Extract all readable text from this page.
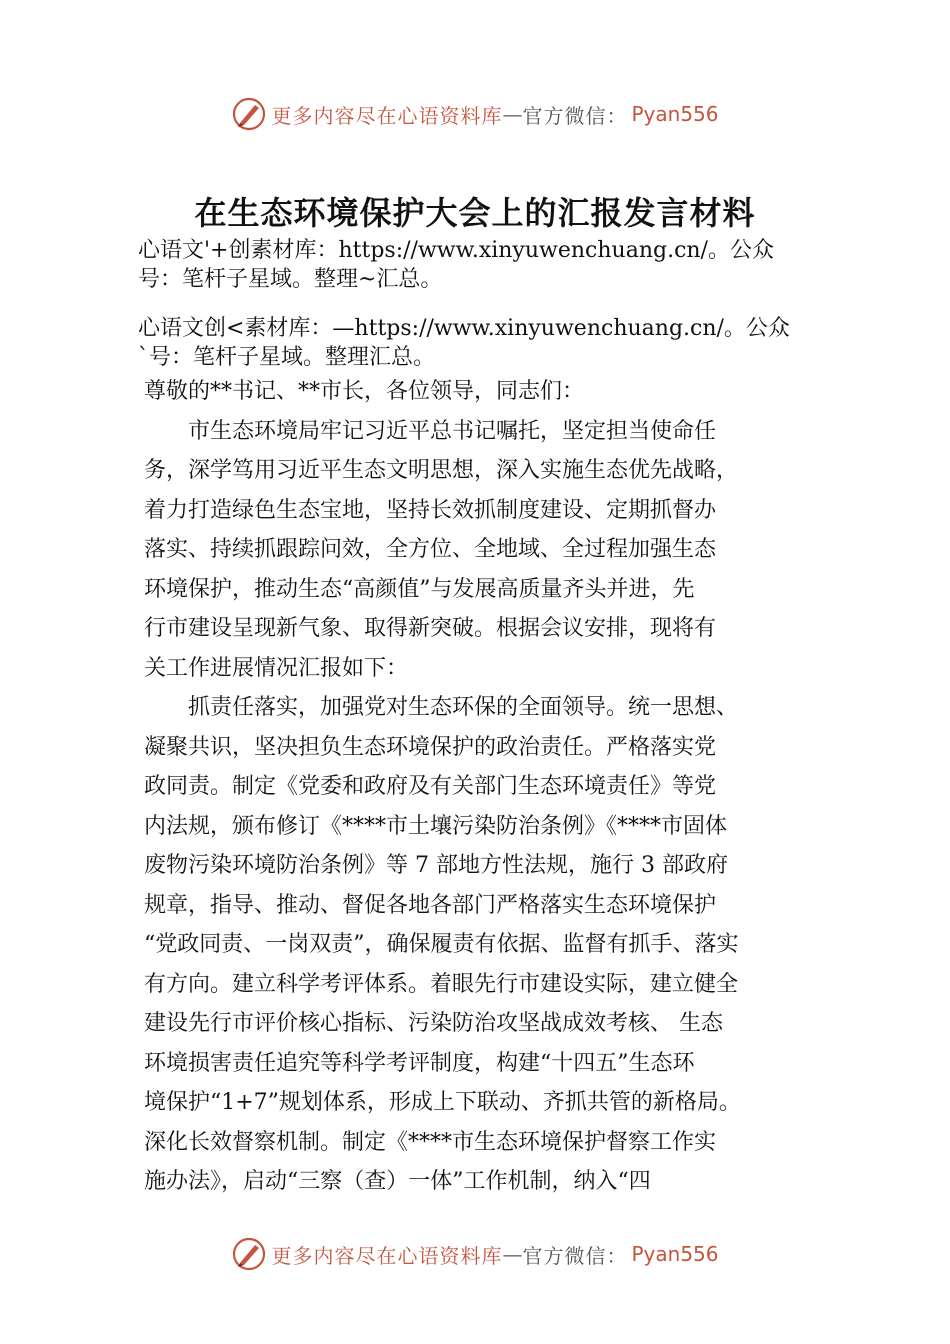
更多内容尽在心语资料库 — 官方微信： Pyan556
在生态环境保护大会上的汇报发言材料
心语文'+创素材库：https://www.xinyuwenchuang.cn/。公众
号：笔杆子星域。整理~汇总。
心语文创<素材库：—https://www.xinyuwenchuang.cn/。公众
`号：笔杆子星域。整理汇总。

尊敬的**书记、**市长，各位领导，同志们：

　　市生态环境局牢记习近平总书记嘱托，坚定担当使命任
务，深学笃用习近平生态文明思想，深入实施生态优先战略，
着力打造绿色生态宝地，坚持长效抓制度建设、定期抓督办
落实、持续抓跟踪问效，全方位、全地域、全过程加强生态
环境保护，推动生态“高颜值”与发展高质量齐头并进，先
行市建设呈现新气象、取得新突破。根据会议安排，现将有
关工作进展情况汇报如下：

　　抓责任落实，加强党对生态环保的全面领导。统一思想、
凝聚共识，坚决担负生态环境保护的政治责任。严格落实党
政同责。制定《党委和政府及有关部门生态环境责任》等党
内法规，颁布修订《****市土壤污染防治条例》《****市固体
废物污染环境防治条例》等 7 部地方性法规，施行 3 部政府
规章，指导、推动、督促各地各部门严格落实生态环境保护
“党政同责、一岗双责”，确保履责有依据、监督有抓手、落实
有方向。建立科学考评体系。着眼先行市建设实际，建立健全
建设先行市评价核心指标、污染防治攻坚战成效考核、 生态
环境损害责任追究等科学考评制度，构建“十四五”生态环
境保护“1+7”规划体系，形成上下联动、齐抓共管的新格局。
深化长效督察机制。制定《****市生态环境保护督察工作实
施办法》，启动“三察（查）一体”工作机制，纳入“四

更多内容尽在心语资料库 — 官方微信： Pyan556
